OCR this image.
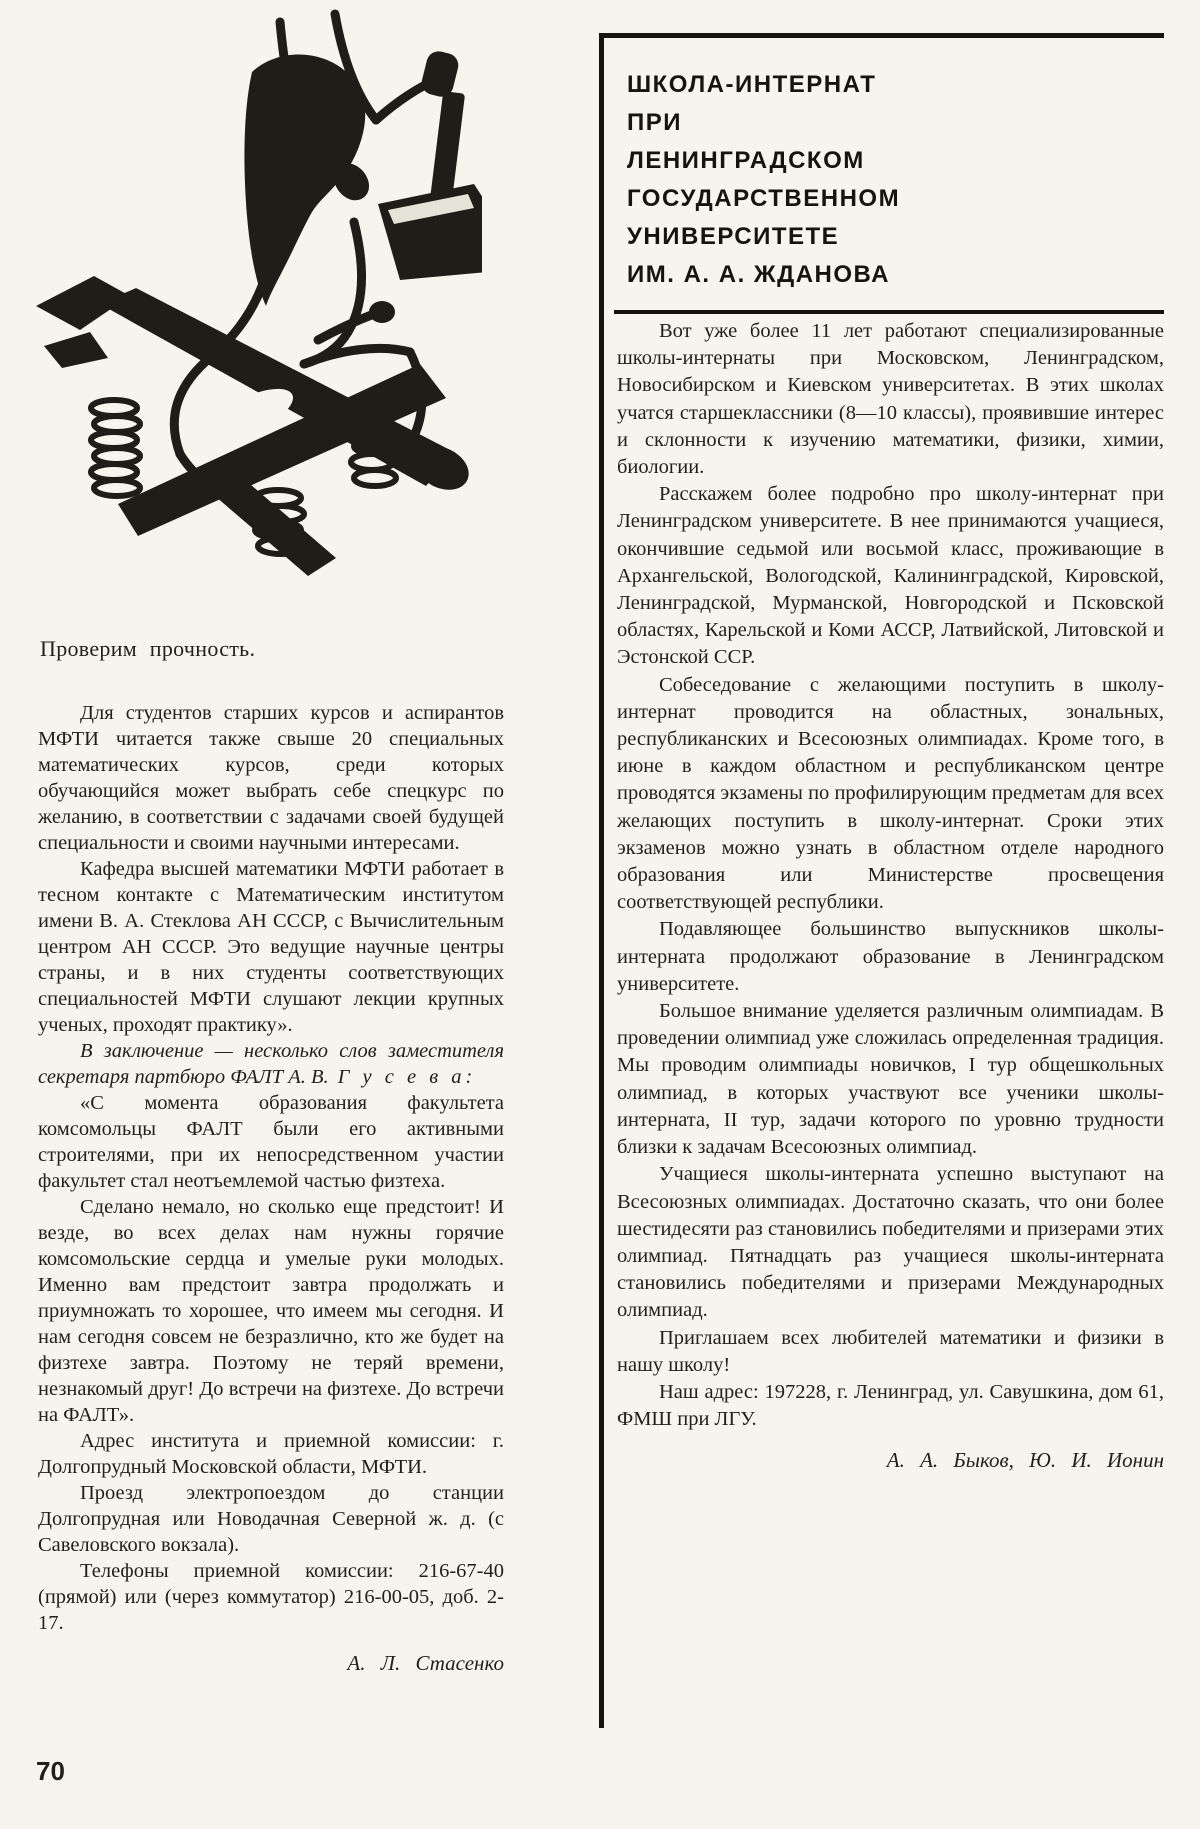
Проверим прочность.

Для студентов старших курсов и аспирантов МФТИ читается также свыше 20 специальных математических курсов, среди которых обучающийся может выбрать себе спецкурс по желанию, в соответствии с задачами своей будущей специальности и своими научными интересами.

Кафедра высшей математики МФТИ работает в тесном контакте с Математическим институтом имени В. А. Стеклова АН СССР, с Вычислительным центром АН СССР. Это ведущие научные центры страны, и в них студенты соответствующих специальностей МФТИ слушают лекции крупных ученых, проходят практику».

В заключение — несколько слов заместителя секретаря партбюро ФАЛТ А. В. Г у с е в а:

«С момента образования факультета комсомольцы ФАЛТ были его активными строителями, при их непосредственном участии факультет стал неотъемлемой частью физтеха.

Сделано немало, но сколько еще предстоит! И везде, во всех делах нам нужны горячие комсомольские сердца и умелые руки молодых. Именно вам предстоит завтра продолжать и приумножать то хорошее, что имеем мы сегодня. И нам сегодня совсем не безразлично, кто же будет на физтехе завтра. Поэтому не теряй времени, незнакомый друг! До встречи на физтехе. До встречи на ФАЛТ».

Адрес института и приемной комиссии: г. Долгопрудный Московской области, МФТИ.

Проезд электропоездом до станции Долгопрудная или Новодачная Северной ж. д. (с Савеловского вокзала).

Телефоны приемной комиссии: 216-67-40 (прямой) или (через коммутатор) 216-00-05, доб. 2-17.

А. Л. Стасенко
ШКОЛА-ИНТЕРНАТ
ПРИ
ЛЕНИНГРАДСКОМ
ГОСУДАРСТВЕННОМ
УНИВЕРСИТЕТЕ
ИМ. А. А. ЖДАНОВА

Вот уже более 11 лет работают специализированные школы-интернаты при Московском, Ленинградском, Новосибирском и Киевском университетах. В этих школах учатся старшеклассники (8—10 классы), проявившие интерес и склонности к изучению математики, физики, химии, биологии.

Расскажем более подробно про школу-интернат при Ленинградском университете. В нее принимаются учащиеся, окончившие седьмой или восьмой класс, проживающие в Архангельской, Вологодской, Калининградской, Кировской, Ленинградской, Мурманской, Новгородской и Псковской областях, Карельской и Коми АССР, Латвийской, Литовской и Эстонской ССР.

Собеседование с желающими поступить в школу-интернат проводится на областных, зональных, республиканских и Всесоюзных олимпиадах. Кроме того, в июне в каждом областном и республиканском центре проводятся экзамены по профилирующим предметам для всех желающих поступить в школу-интернат. Сроки этих экзаменов можно узнать в областном отделе народного образования или Министерстве просвещения соответствующей республики.

Подавляющее большинство выпускников школы-интерната продолжают образование в Ленинградском университете.

Большое внимание уделяется различным олимпиадам. В проведении олимпиад уже сложилась определенная традиция. Мы проводим олимпиады новичков, I тур общешкольных олимпиад, в которых участвуют все ученики школы-интерната, II тур, задачи которого по уровню трудности близки к задачам Всесоюзных олимпиад.

Учащиеся школы-интерната успешно выступают на Всесоюзных олимпиадах. Достаточно сказать, что они более шестидесяти раз становились победителями и призерами этих олимпиад. Пятнадцать раз учащиеся школы-интерната становились победителями и призерами Международных олимпиад.

Приглашаем всех любителей математики и физики в нашу школу!

Наш адрес: 197228, г. Ленинград, ул. Савушкина, дом 61, ФМШ при ЛГУ.

А. А. Быков, Ю. И. Ионин
70
